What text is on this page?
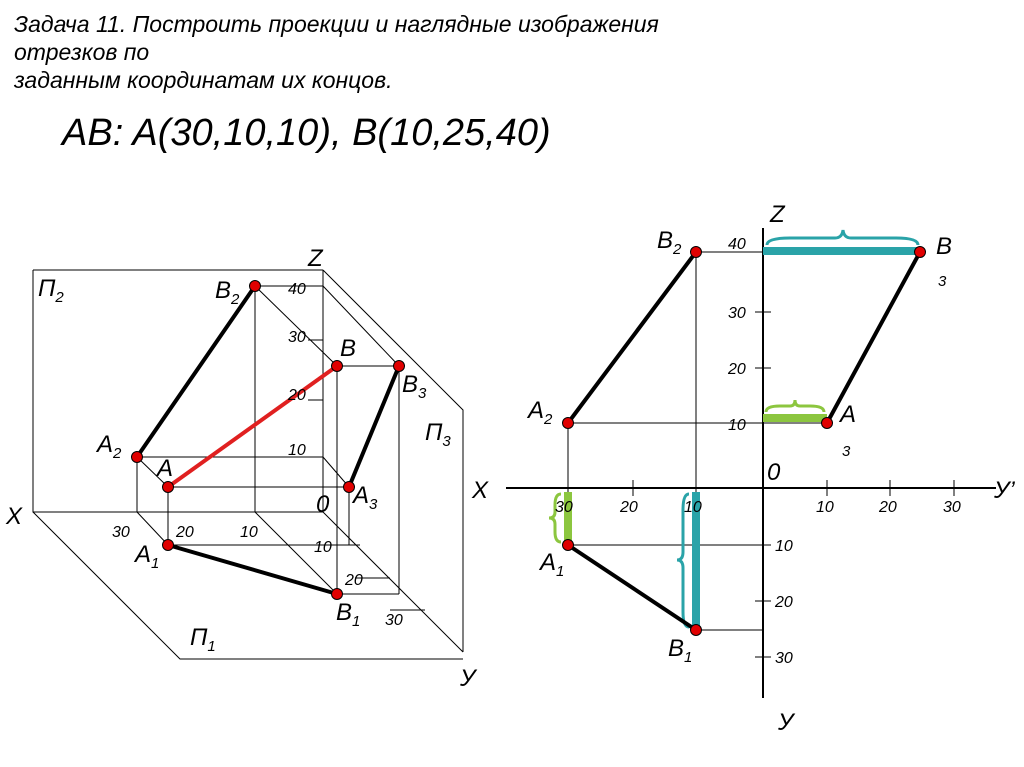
Задача 11. Построить проекции и наглядные изображения
отрезков по
заданным координатам их концов.
AB: A(30,10,10), B(10,25,40)
$П_2$
$П_3$
$П_1$
X
У
Z
0
40
30
20
10
30	20	10
10
20
30
$B_2$
$A_2$
B
A
$B_3$
$A_3$
$A_1$
$B_1$
X	У’
У
Z
0
40
30
20
10
30	20	10	10	20	30
10
20
30
$B_2$
$A_2$
B 3
A 3
$A_1$
$B_1$
